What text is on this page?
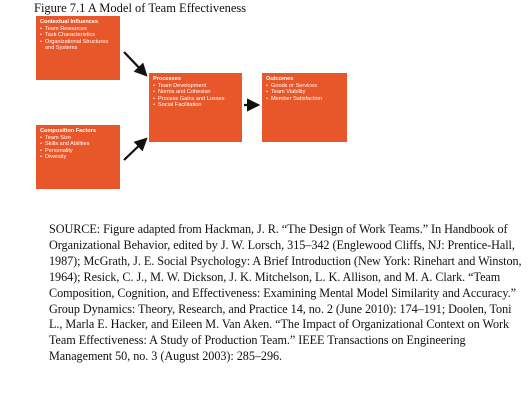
Figure 7.1 A Model of Team Effectiveness
Contextual Influences
• Team Resources
• Task Characteristics
• Organizational Structures and Systems
Composition Factors
• Team Size
• Skills and Abilities
• Personality
• Diversity
Processes
• Team Development
• Norms and Cohesion
• Process Gains and Losses
• Social Facilitation
Outcomes
• Goods or Services
• Team Viability
• Member Satisfaction

SOURCE: Figure adapted from Hackman, J. R. “The Design of Work Teams.” In Handbook of Organizational Behavior, edited by J. W. Lorsch, 315–342 (Englewood Cliffs, NJ: Prentice-Hall, 1987); McGrath, J. E. Social Psychology: A Brief Introduction (New York: Rinehart and Winston, 1964); Resick, C. J., M. W. Dickson, J. K. Mitchelson, L. K. Allison, and M. A. Clark. “Team Composition, Cognition, and Effectiveness: Examining Mental Model Similarity and Accuracy.” Group Dynamics: Theory, Research, and Practice 14, no. 2 (June 2010): 174–191; Doolen, Toni L., Marla E. Hacker, and Eileen M. Van Aken. “The Impact of Organizational Context on Work Team Effectiveness: A Study of Production Team.” IEEE Transactions on Engineering Management 50, no. 3 (August 2003): 285–296.
